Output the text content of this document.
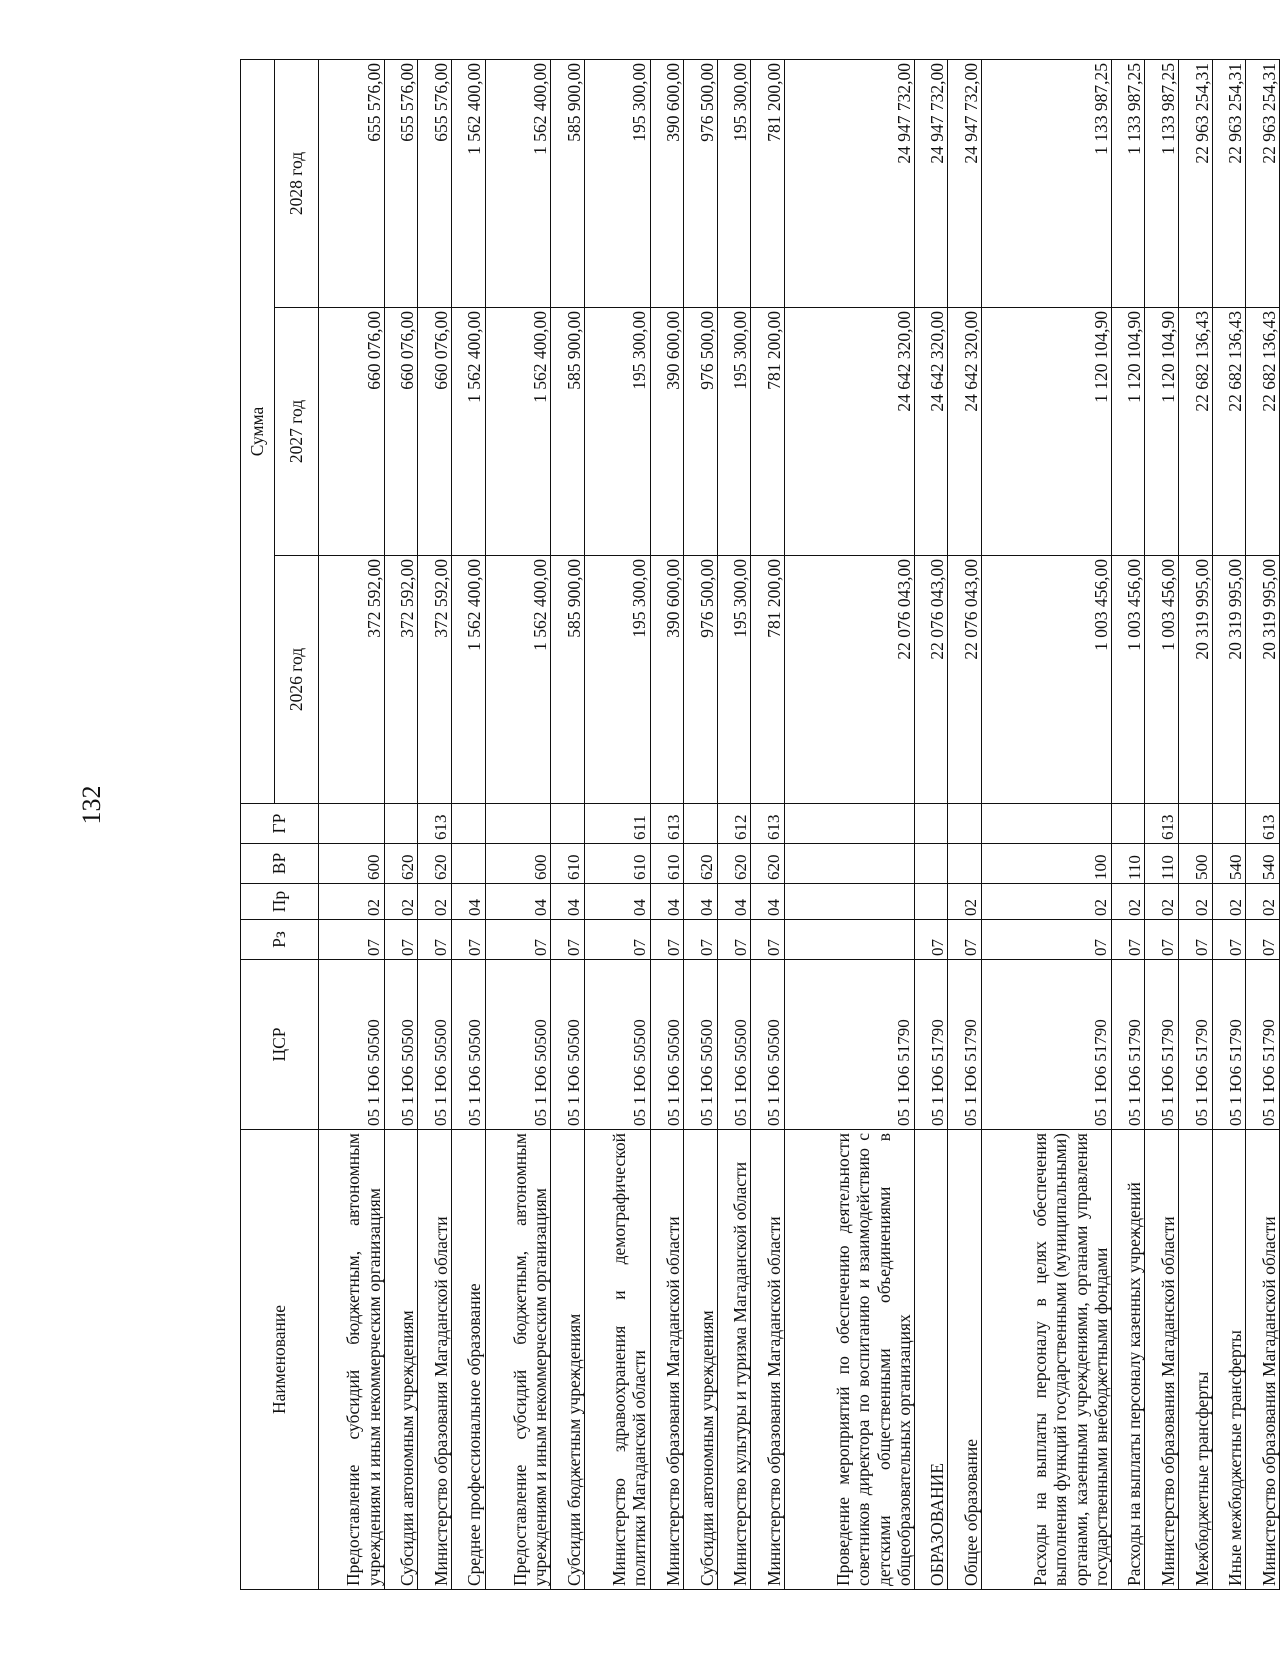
132
Наименование	ЦСР	Рз	Пр	ВР	ГР	Сумма		
						2026 год	2027 год	2028 год
Предоставление субсидий бюджетным, автономным учреждениям и иным некоммерческим организациям	05 1 Ю6 50500	07	02	600		372 592,00	660 076,00	655 576,00
Субсидии автономным учреждениям	05 1 Ю6 50500	07	02	620		372 592,00	660 076,00	655 576,00
Министерство образования Магаданской области	05 1 Ю6 50500	07	02	620	613	372 592,00	660 076,00	655 576,00
Среднее профессиональное образование	05 1 Ю6 50500	07	04			1 562 400,00	1 562 400,00	1 562 400,00
Предоставление субсидий бюджетным, автономным учреждениям и иным некоммерческим организациям	05 1 Ю6 50500	07	04	600		1 562 400,00	1 562 400,00	1 562 400,00
Субсидии бюджетным учреждениям	05 1 Ю6 50500	07	04	610		585 900,00	585 900,00	585 900,00
Министерство здравоохранения и демографической политики Магаданской области	05 1 Ю6 50500	07	04	610	611	195 300,00	195 300,00	195 300,00
Министерство образования Магаданской области	05 1 Ю6 50500	07	04	610	613	390 600,00	390 600,00	390 600,00
Субсидии автономным учреждениям	05 1 Ю6 50500	07	04	620		976 500,00	976 500,00	976 500,00
Министерство культуры и туризма Магаданской области	05 1 Ю6 50500	07	04	620	612	195 300,00	195 300,00	195 300,00
Министерство образования Магаданской области	05 1 Ю6 50500	07	04	620	613	781 200,00	781 200,00	781 200,00
Проведение мероприятий по обеспечению деятельности советников директора по воспитанию и взаимодействию с детскими общественными объединениями в общеобразовательных организациях	05 1 Ю6 51790					22 076 043,00	24 642 320,00	24 947 732,00
ОБРАЗОВАНИЕ	05 1 Ю6 51790	07				22 076 043,00	24 642 320,00	24 947 732,00
Общее образование	05 1 Ю6 51790	07	02			22 076 043,00	24 642 320,00	24 947 732,00
Расходы на выплаты персоналу в целях обеспечения выполнения функций государственными (муниципальными) органами, казенными учреждениями, органами управления государственными внебюджетными фондами	05 1 Ю6 51790	07	02	100		1 003 456,00	1 120 104,90	1 133 987,25
Расходы на выплаты персоналу казенных учреждений	05 1 Ю6 51790	07	02	110		1 003 456,00	1 120 104,90	1 133 987,25
Министерство образования Магаданской области	05 1 Ю6 51790	07	02	110	613	1 003 456,00	1 120 104,90	1 133 987,25
Межбюджетные трансферты	05 1 Ю6 51790	07	02	500		20 319 995,00	22 682 136,43	22 963 254,31
Иные межбюджетные трансферты	05 1 Ю6 51790	07	02	540		20 319 995,00	22 682 136,43	22 963 254,31
Министерство образования Магаданской области	05 1 Ю6 51790	07	02	540	613	20 319 995,00	22 682 136,43	22 963 254,31
